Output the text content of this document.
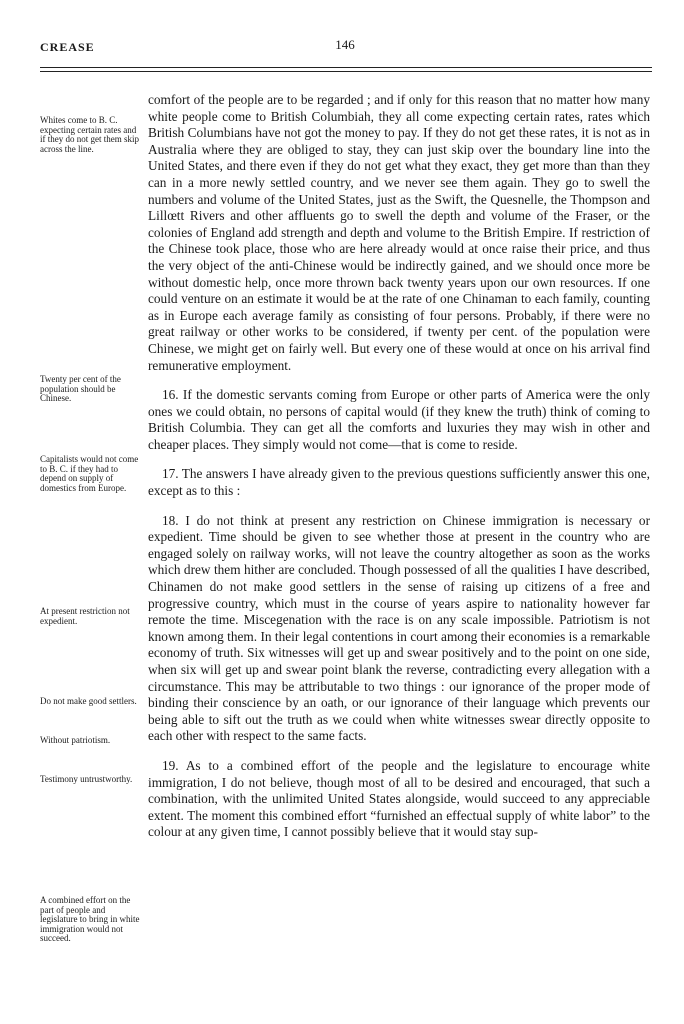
CREASE	146
Whites come to B. C. expecting certain rates and if they do not get them skip across the line.
Twenty per cent of the population should be Chinese.
Capitalists would not come to B. C. if they had to depend on supply of domestics from Europe.
At present restriction not expedient.
Do not make good settlers.
Without patriotism.
Testimony untrustworthy.
A combined effort on the part of people and legislature to bring in white immigration would not succeed.

comfort of the people are to be regarded ; and if only for this reason that no matter how many white people come to British Columbiah, they all come expecting certain rates, rates which British Columbians have not got the money to pay. If they do not get these rates, it is not as in Australia where they are obliged to stay, they can just skip over the boundary line into the United States, and there even if they do not get what they exact, they get more than than they can in a more newly settled country, and we never see them again. They go to swell the numbers and volume of the United States, just as the Swift, the Quesnelle, the Thompson and Lillœtt Rivers and other affluents go to swell the depth and volume of the Fraser, or the colonies of England add strength and depth and volume to the British Empire. If restriction of the Chinese took place, those who are here already would at once raise their price, and thus the very object of the anti-Chinese would be indirectly gained, and we should once more be without domestic help, once more thrown back twenty years upon our own resources. If one could venture on an estimate it would be at the rate of one Chinaman to each family, counting as in Europe each average family as consisting of four persons. Probably, if there were no great railway or other works to be considered, if twenty per cent. of the population were Chinese, we might get on fairly well. But every one of these would at once on his arrival find remunerative employment.

16. If the domestic servants coming from Europe or other parts of America were the only ones we could obtain, no persons of capital would (if they knew the truth) think of coming to British Columbia. They can get all the comforts and luxuries they may wish in other and cheaper places. They simply would not come—that is come to reside.

17. The answers I have already given to the previous questions sufficiently answer this one, except as to this :

18. I do not think at present any restriction on Chinese immigration is necessary or expedient. Time should be given to see whether those at present in the country who are engaged solely on railway works, will not leave the country altogether as soon as the works which drew them hither are concluded. Though possessed of all the qualities I have described, Chinamen do not make good settlers in the sense of raising up citizens of a free and progressive country, which must in the course of years aspire to nationality however far remote the time. Miscegenation with the race is on any scale impossible. Patriotism is not known among them. In their legal contentions in court among their economies is a remarkable economy of truth. Six witnesses will get up and swear positively and to the point on one side, when six will get up and swear point blank the reverse, contradicting every allegation with a circumstance. This may be attributable to two things : our ignorance of the proper mode of binding their conscience by an oath, or our ignorance of their language which prevents our being able to sift out the truth as we could when white witnesses swear directly opposite to each other with respect to the same facts.

19. As to a combined effort of the people and the legislature to encourage white immigration, I do not believe, though most of all to be desired and encouraged, that such a combination, with the unlimited United States alongside, would succeed to any appreciable extent. The moment this combined effort “furnished an effectual supply of white labor” to the colour at any given time, I cannot possibly believe that it would stay sup-
